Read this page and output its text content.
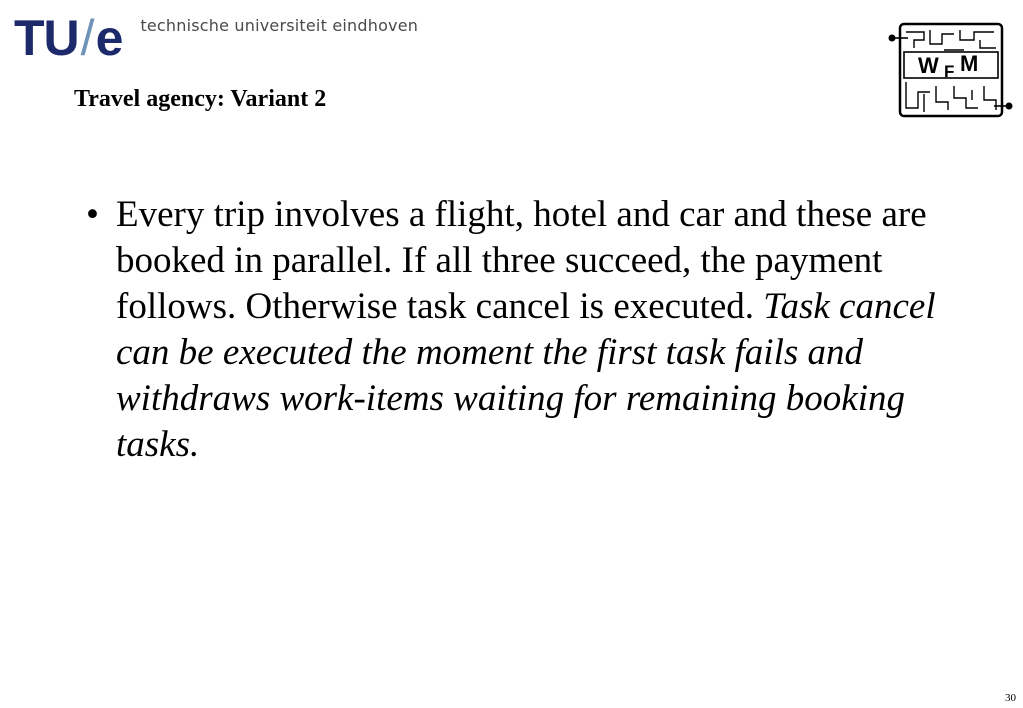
TU/e technische universiteit eindhoven
Travel agency: Variant 2
W F M
• Every trip involves a flight, hotel and car and these are booked in parallel. If all three succeed, the payment follows. Otherwise task cancel is executed. Task cancel can be executed the moment the first task fails and withdraws work-items waiting for remaining booking tasks.
30
